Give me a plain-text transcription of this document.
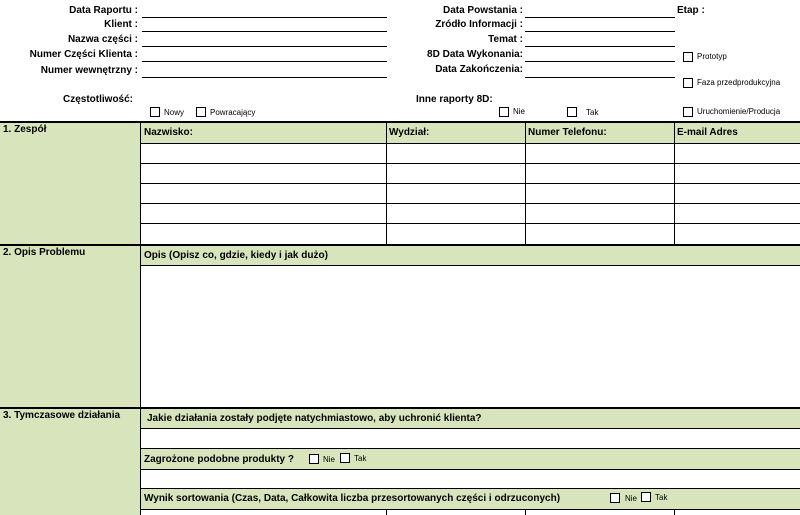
Data Raportu :
Klient :
Nazwa części :
Numer Części Klienta :
Numer wewnętrzny :
Data Powstania :
Zródło Informacji :
Temat :
8D Data Wykonania:
Data Zakończenia:
Etap :
Prototyp
Faza przedprodukcyjna
Uruchomienie/Producja
Częstotliwość:
Nowy	Powracający
Inne raporty 8D:
Nie	Tak
1. Zespół	Nazwisko:	Wydział:	Numer Telefonu:	E-mail Adres
2. Opis Problemu	Opis (Opisz co, gdzie, kiedy i jak dużo)
3. Tymczasowe działania	Jakie działania zostały podjęte natychmiastowo, aby uchronić klienta?
Zagrożone podobne produkty ?	Nie Tak
Wynik sortowania (Czas, Data, Całkowita liczba przesortowanych części i odrzuconych)	Nie Tak
